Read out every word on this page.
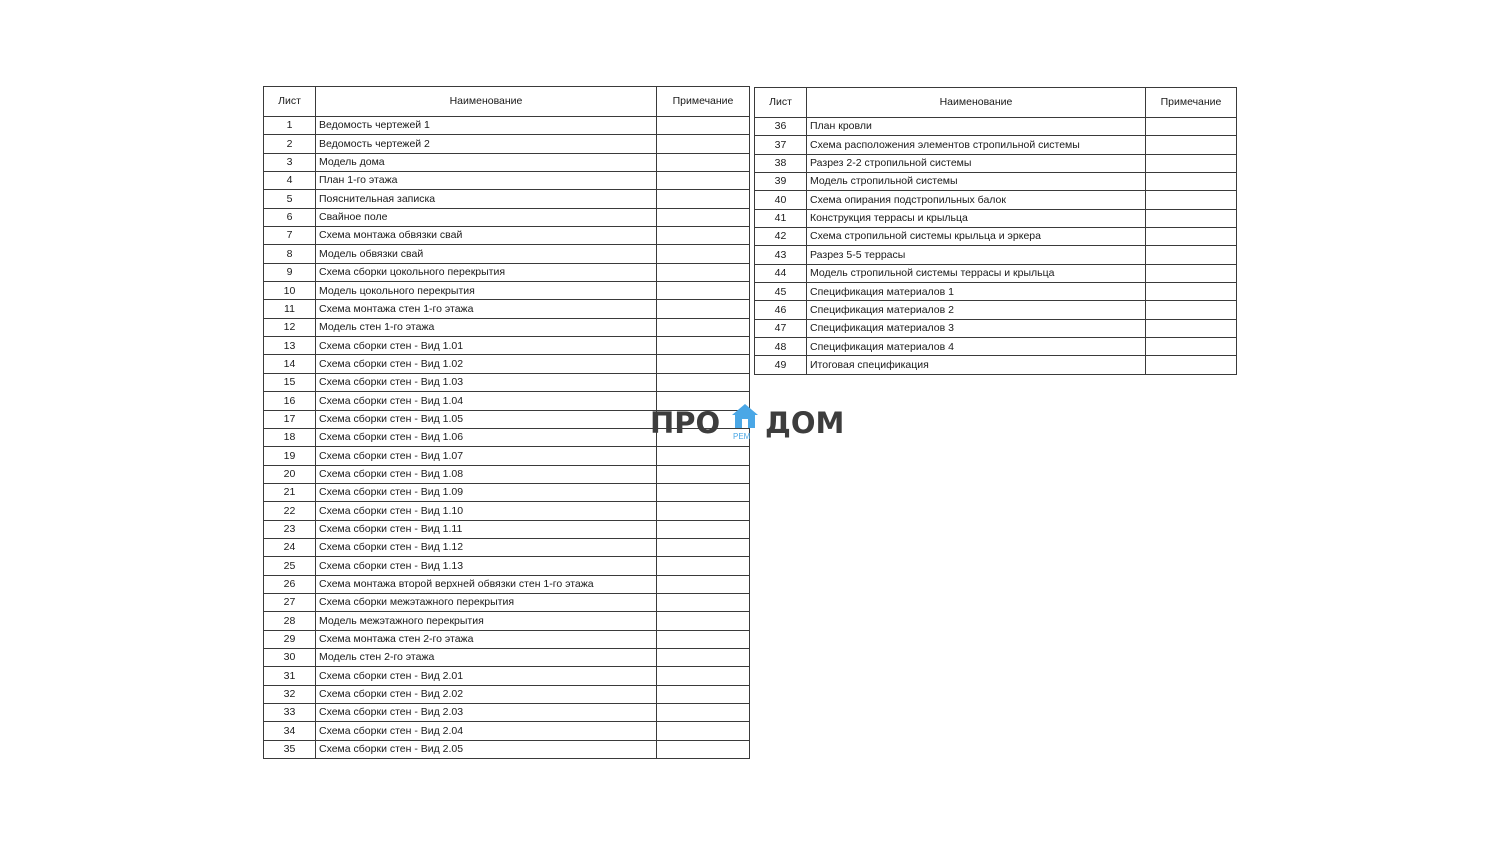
Лист	Наименование	Примечание
1	Ведомость чертежей 1	
2	Ведомость чертежей 2	
3	Модель дома	
4	План 1-го этажа	
5	Пояснительная записка	
6	Свайное поле	
7	Схема монтажа обвязки свай	
8	Модель обвязки свай	
9	Схема сборки цокольного перекрытия	
10	Модель цокольного перекрытия	
11	Схема монтажа стен 1-го этажа	
12	Модель стен 1-го этажа	
13	Схема сборки стен - Вид 1.01	
14	Схема сборки стен - Вид 1.02	
15	Схема сборки стен - Вид 1.03	
16	Схема сборки стен - Вид 1.04	
17	Схема сборки стен - Вид 1.05	
18	Схема сборки стен - Вид 1.06	
19	Схема сборки стен - Вид 1.07	
20	Схема сборки стен - Вид 1.08	
21	Схема сборки стен - Вид 1.09	
22	Схема сборки стен - Вид 1.10	
23	Схема сборки стен - Вид 1.11	
24	Схема сборки стен - Вид 1.12	
25	Схема сборки стен - Вид 1.13	
26	Схема монтажа второй верхней обвязки стен 1-го этажа	
27	Схема сборки межэтажного перекрытия	
28	Модель межэтажного перекрытия	
29	Схема монтажа стен 2-го этажа	
30	Модель стен 2-го этажа	
31	Схема сборки стен - Вид 2.01	
32	Схема сборки стен - Вид 2.02	
33	Схема сборки стен - Вид 2.03	
34	Схема сборки стен - Вид 2.04	
35	Схема сборки стен - Вид 2.05	
Лист	Наименование	Примечание
36	План кровли	
37	Схема расположения элементов стропильной системы	
38	Разрез 2-2 стропильной системы	
39	Модель стропильной системы	
40	Схема опирания подстропильных балок	
41	Конструкция террасы и крыльца	
42	Схема стропильной системы крыльца и эркера	
43	Разрез 5-5 террасы	
44	Модель стропильной системы террасы и крыльца	
45	Спецификация материалов 1	
46	Спецификация материалов 2	
47	Спецификация материалов 3	
48	Спецификация материалов 4	
49	Итоговая спецификация	
ПРО РЕМ ДОМ
